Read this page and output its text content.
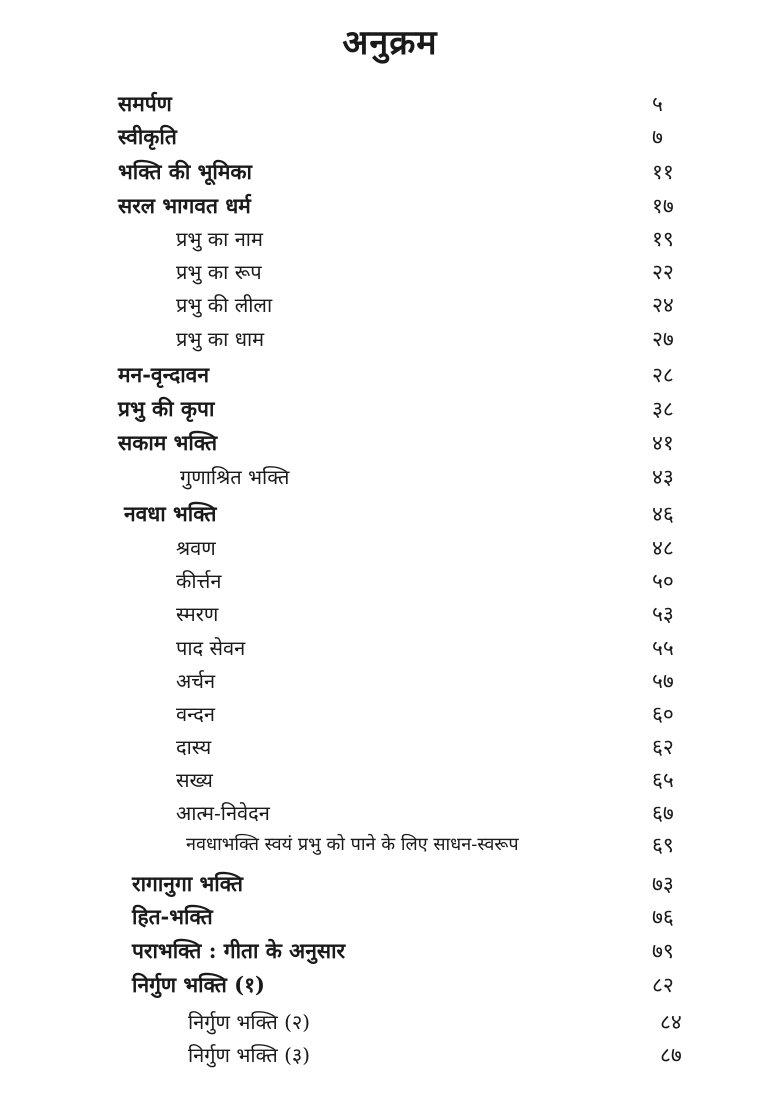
अनुक्रम
समर्पण	५
स्वीकृति	७
भक्ति की भूमिका	११
सरल भागवत धर्म	१७
प्रभु का नाम	१९
प्रभु का रूप	२२
प्रभु की लीला	२४
प्रभु का धाम	२७
मन-वृन्दावन	२८
प्रभु की कृपा	३८
सकाम भक्ति	४१
गुणाश्रित भक्ति	४३
नवधा भक्ति	४६
श्रवण	४८
कीर्त्तन	५०
स्मरण	५३
पाद सेवन	५५
अर्चन	५७
वन्दन	६०
दास्य	६२
सख्य	६५
आत्म-निवेदन	६७
नवधाभक्ति स्वयं प्रभु को पाने के लिए साधन-स्वरूप	६९
रागानुगा भक्ति	७३
हित-भक्ति	७६
पराभक्ति : गीता के अनुसार	७९
निर्गुण भक्ति (१)	८२
निर्गुण भक्ति (२)	८४
निर्गुण भक्ति (३)	८७
